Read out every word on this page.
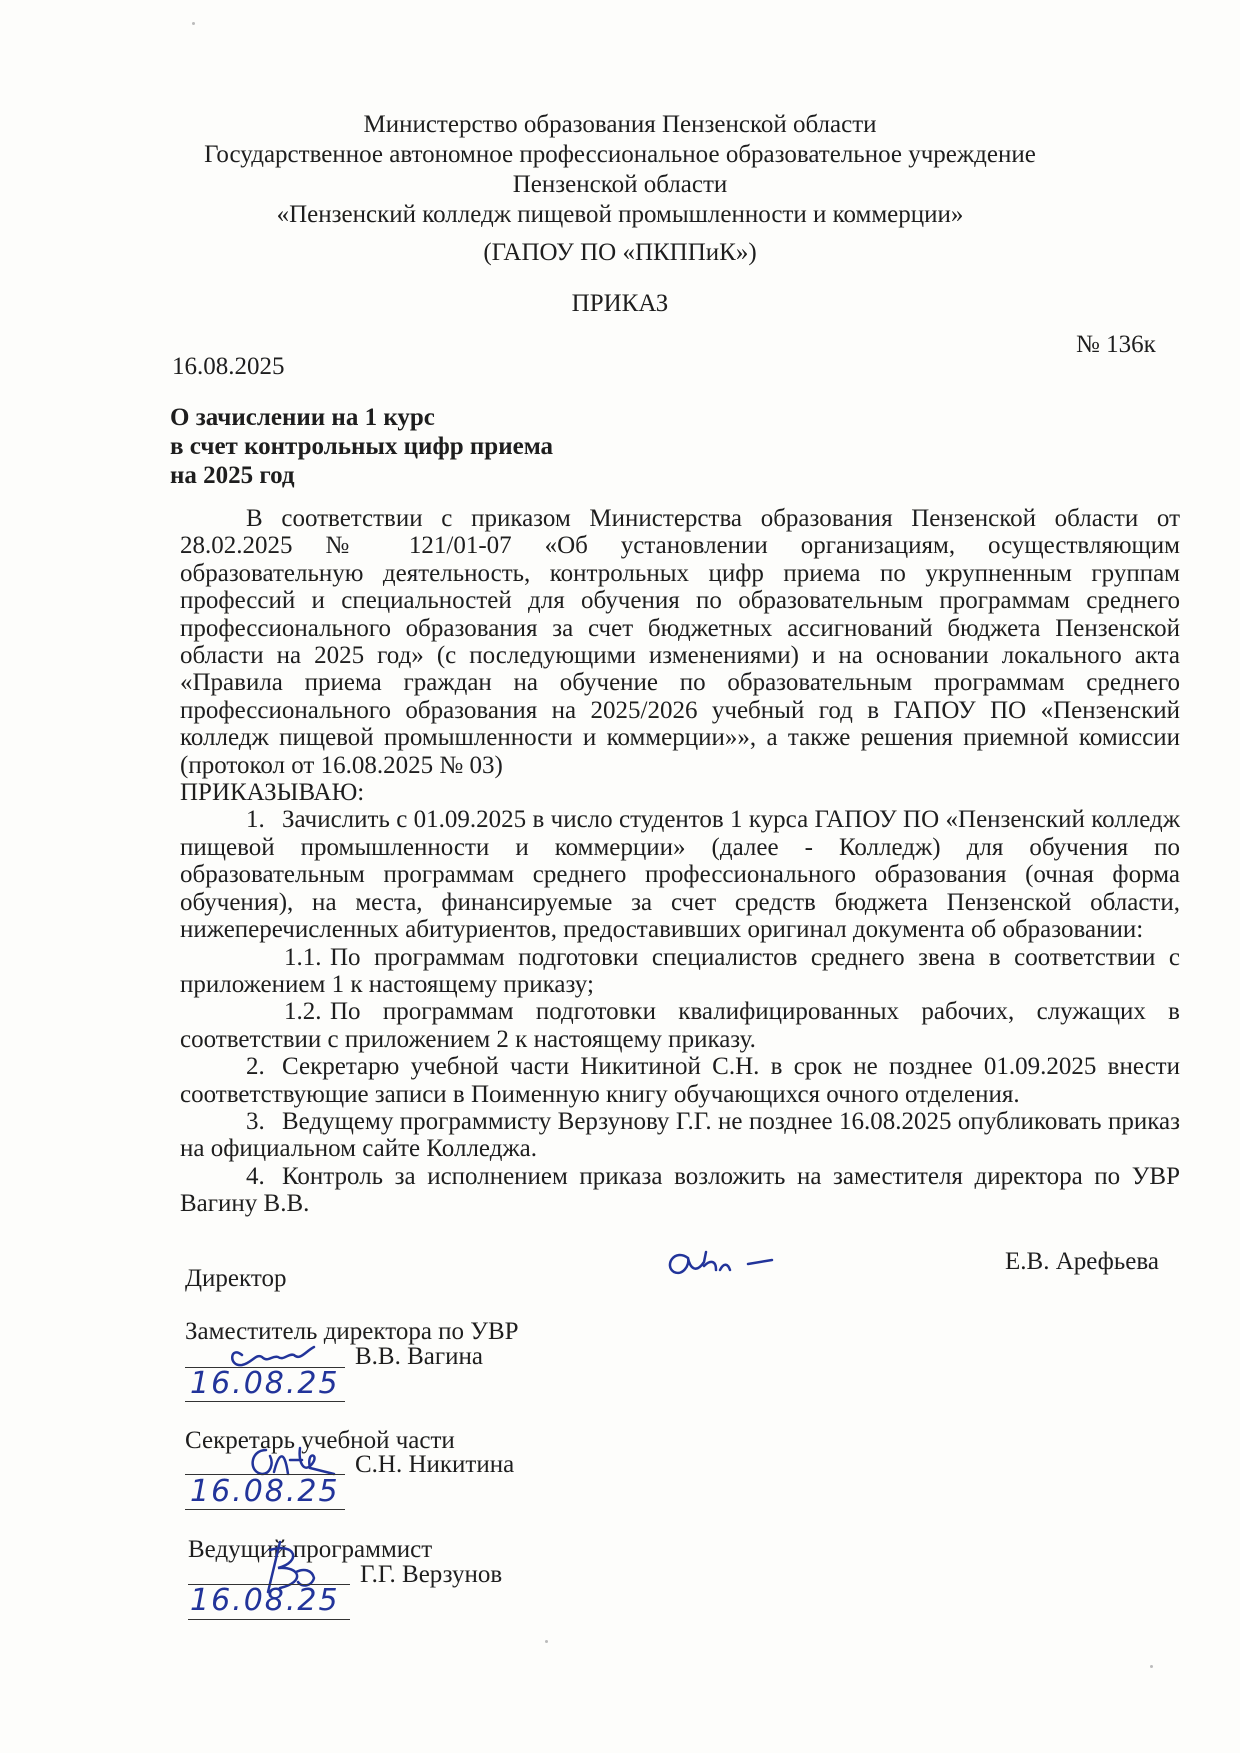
Министерство образования Пензенской области
Государственное автономное профессиональное образовательное учреждение
Пензенской области
«Пензенский колледж пищевой промышленности и коммерции»
(ГАПОУ ПО «ПКППиК»)
ПРИКАЗ
16.08.2025
№ 136к
О зачислении на 1 курс
в счет контрольных цифр приема
на 2025 год

В соответствии с приказом Министерства образования Пензенской области от 28.02.2025 № 121/01-07 «Об установлении организациям, осуществляющим образовательную деятельность, контрольных цифр приема по укрупненным группам профессий и специальностей для обучения по образовательным программам среднего профессионального образования за счет бюджетных ассигнований бюджета Пензенской области на 2025 год» (с последующими изменениями) и на основании локального акта «Правила приема граждан на обучение по образовательным программам среднего профессионального образования на 2025/2026 учебный год в ГАПОУ ПО «Пензенский колледж пищевой промышленности и коммерции»», а также решения приемной комиссии (протокол от 16.08.2025 № 03)

ПРИКАЗЫВАЮ:

1. Зачислить с 01.09.2025 в число студентов 1 курса ГАПОУ ПО «Пензенский колледж пищевой промышленности и коммерции» (далее - Колледж) для обучения по образовательным программам среднего профессионального образования (очная форма обучения), на места, финансируемые за счет средств бюджета Пензенской области, нижеперечисленных абитуриентов, предоставивших оригинал документа об образовании:

1.1. По программам подготовки специалистов среднего звена в соответствии с приложением 1 к настоящему приказу;

1.2. По программам подготовки квалифицированных рабочих, служащих в соответствии с приложением 2 к настоящему приказу.

2. Секретарю учебной части Никитиной С.Н. в срок не позднее 01.09.2025 внести соответствующие записи в Поименную книгу обучающихся очного отделения.

3. Ведущему программисту Верзунову Г.Г. не позднее 16.08.2025 опубликовать приказ на официальном сайте Колледжа.

4. Контроль за исполнением приказа возложить на заместителя директора по УВР Вагину В.В.

Директор
Е.В. Арефьева
Заместитель директора по УВР
В.В. Вагина
16.08.25
Секретарь учебной части
С.Н. Никитина
16.08.25
Ведущий программист
Г.Г. Верзунов
16.08.25
